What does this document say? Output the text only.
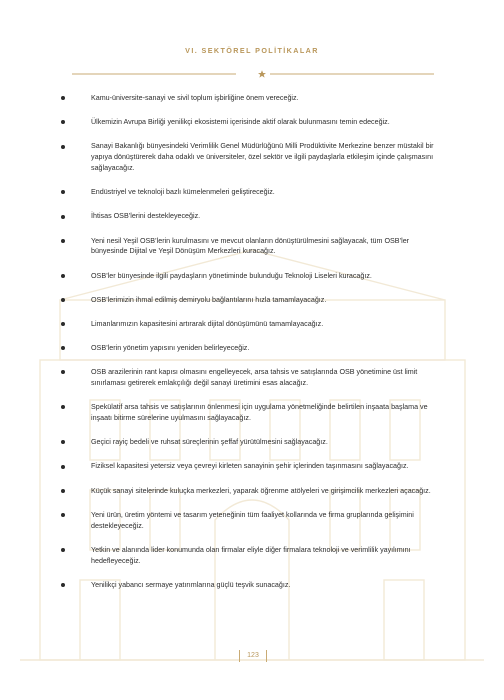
VI. SEKTÖREL POLİTİKALAR
Kamu-üniversite-sanayi ve sivil toplum işbirliğine önem vereceğiz.
Ülkemizin Avrupa Birliği yenilikçi ekosistemi içerisinde aktif olarak bulunmasını temin edeceğiz.
Sanayi Bakanlığı bünyesindeki Verimlilik Genel Müdürlüğünü Milli Prodüktivite Merkezine benzer müstakil bir yapıya dönüştürerek daha odaklı ve üniversiteler, özel sektör ve ilgili paydaşlarla etkileşim içinde çalışmasını sağlayacağız.
Endüstriyel ve teknoloji bazlı kümelenmeleri geliştireceğiz.
İhtisas OSB’lerini destekleyeceğiz.
Yeni nesil Yeşil OSB’lerin kurulmasını ve mevcut olanların dönüştürülmesini sağlayacak, tüm OSB’ler bünyesinde Dijital ve Yeşil Dönüşüm Merkezleri kuracağız.
OSB’ler bünyesinde ilgili paydaşların yönetiminde bulunduğu Teknoloji Liseleri kuracağız.
OSB’lerimizin ihmal edilmiş demiryolu bağlantılarını hızla tamamlayacağız.
Limanlarımızın kapasitesini artırarak dijital dönüşümünü tamamlayacağız.
OSB’lerin yönetim yapısını yeniden belirleyeceğiz.
OSB arazilerinin rant kapısı olmasını engelleyecek, arsa tahsis ve satışlarında OSB yönetimine üst limit sınırlaması getirerek emlakçılığı değil sanayi üretimini esas alacağız.
Spekülatif arsa tahsis ve satışlarının önlenmesi için uygulama yönetmeliğinde belirtilen inşaata başlama ve inşaatı bitirme sürelerine uyulmasını sağlayacağız.
Geçici rayiç bedeli ve ruhsat süreçlerinin şeffaf yürütülmesini sağlayacağız.
Fiziksel kapasitesi yetersiz veya çevreyi kirleten sanayinin şehir içlerinden taşınmasını sağlayacağız.
Küçük sanayi sitelerinde kuluçka merkezleri, yaparak öğrenme atölyeleri ve girişimcilik merkezleri açacağız.
Yeni ürün, üretim yöntemi ve tasarım yeteneğinin tüm faaliyet kollarında ve firma gruplarında gelişimini destekleyeceğiz.
Yetkin ve alanında lider konumunda olan firmalar eliyle diğer firmalara teknoloji ve verimlilik yayılımını hedefleyeceğiz.
Yenilikçi yabancı sermaye yatırımlarına güçlü teşvik sunacağız.
123
